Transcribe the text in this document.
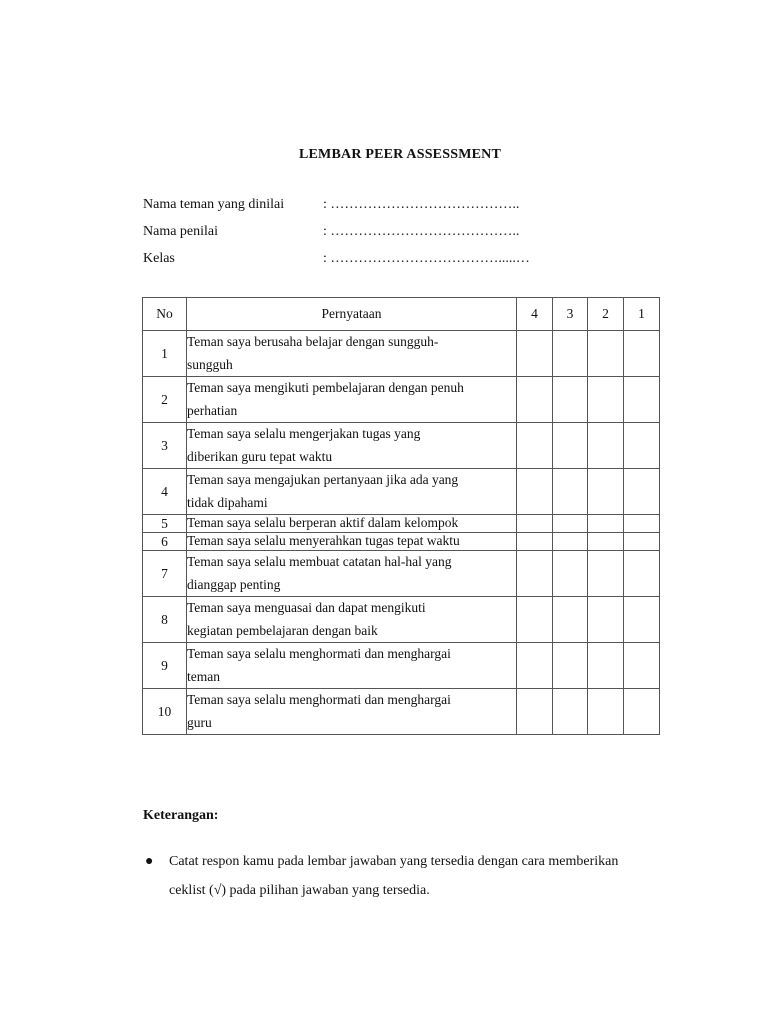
LEMBAR PEER ASSESSMENT
Nama teman yang dinilai	: …………………………………..
Nama penilai	: …………………………………..
Kelas	: ……………………………….....…
No	Pernyataan	4	3	2	1
1	Teman saya berusaha belajar dengan sungguh-
sungguh				

2	Teman saya mengikuti pembelajaran dengan penuh
perhatian				

3	Teman saya selalu mengerjakan tugas yang
diberikan guru tepat waktu				

4	Teman saya mengajukan pertanyaan jika ada yang
tidak dipahami				

5	Teman saya selalu berperan aktif dalam kelompok				

6	Teman saya selalu menyerahkan tugas tepat waktu				

7	Teman saya selalu membuat catatan hal-hal yang
dianggap penting				

8	Teman saya menguasai dan dapat mengikuti
kegiatan pembelajaran dengan baik				

9	Teman saya selalu menghormati dan menghargai
teman				

10	Teman saya selalu menghormati dan menghargai
guru				

Keterangan:
● Catat respon kamu pada lembar jawaban yang tersedia dengan cara memberikan
ceklist (√) pada pilihan jawaban yang tersedia.
